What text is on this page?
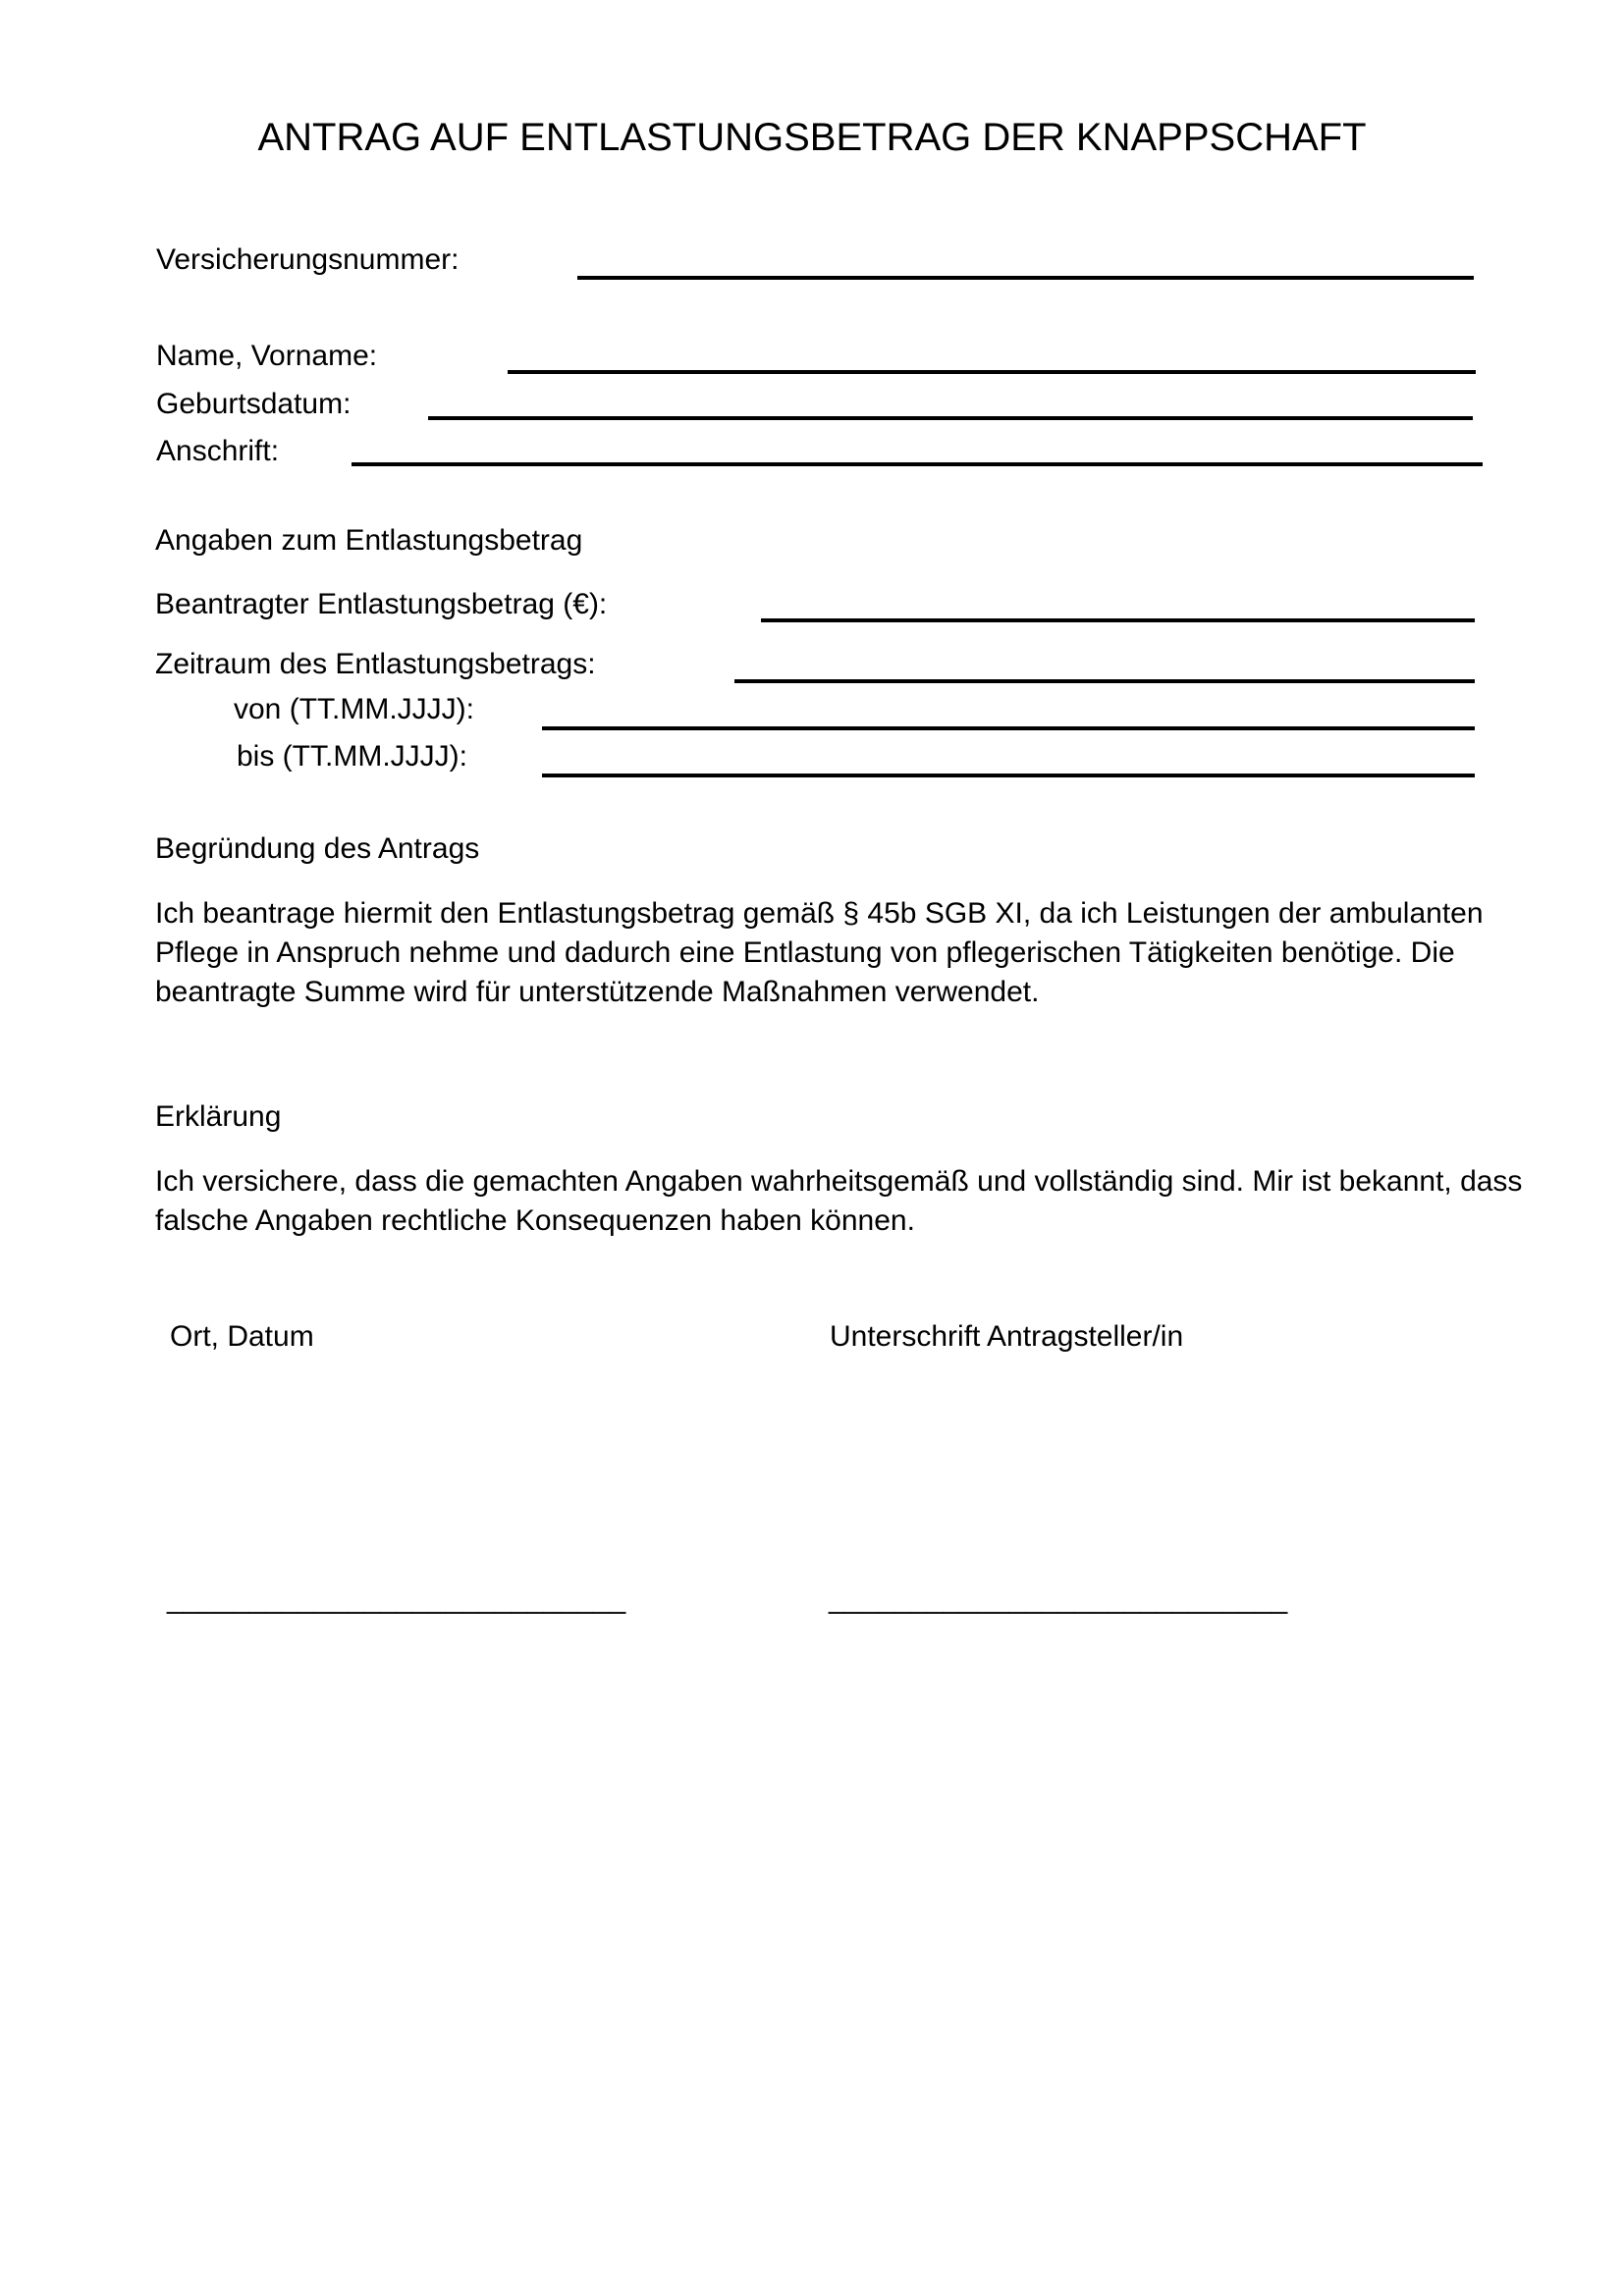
ANTRAG AUF ENTLASTUNGSBETRAG DER KNAPPSCHAFT
Versicherungsnummer:
Name, Vorname:
Geburtsdatum:
Anschrift:
Angaben zum Entlastungsbetrag
Beantragter Entlastungsbetrag (€):
Zeitraum des Entlastungsbetrags:
von (TT.MM.JJJJ):
bis (TT.MM.JJJJ):
Begründung des Antrags
Ich beantrage hiermit den Entlastungsbetrag gemäß § 45b SGB XI, da ich Leistungen der ambulanten
Pflege in Anspruch nehme und dadurch eine Entlastung von pflegerischen Tätigkeiten benötige. Die
beantragte Summe wird für unterstützende Maßnahmen verwendet.
Erklärung
Ich versichere, dass die gemachten Angaben wahrheitsgemäß und vollständig sind. Mir ist bekannt, dass
falsche Angaben rechtliche Konsequenzen haben können.
Ort, Datum	Unterschrift Antragsteller/in
____________________________	____________________________
